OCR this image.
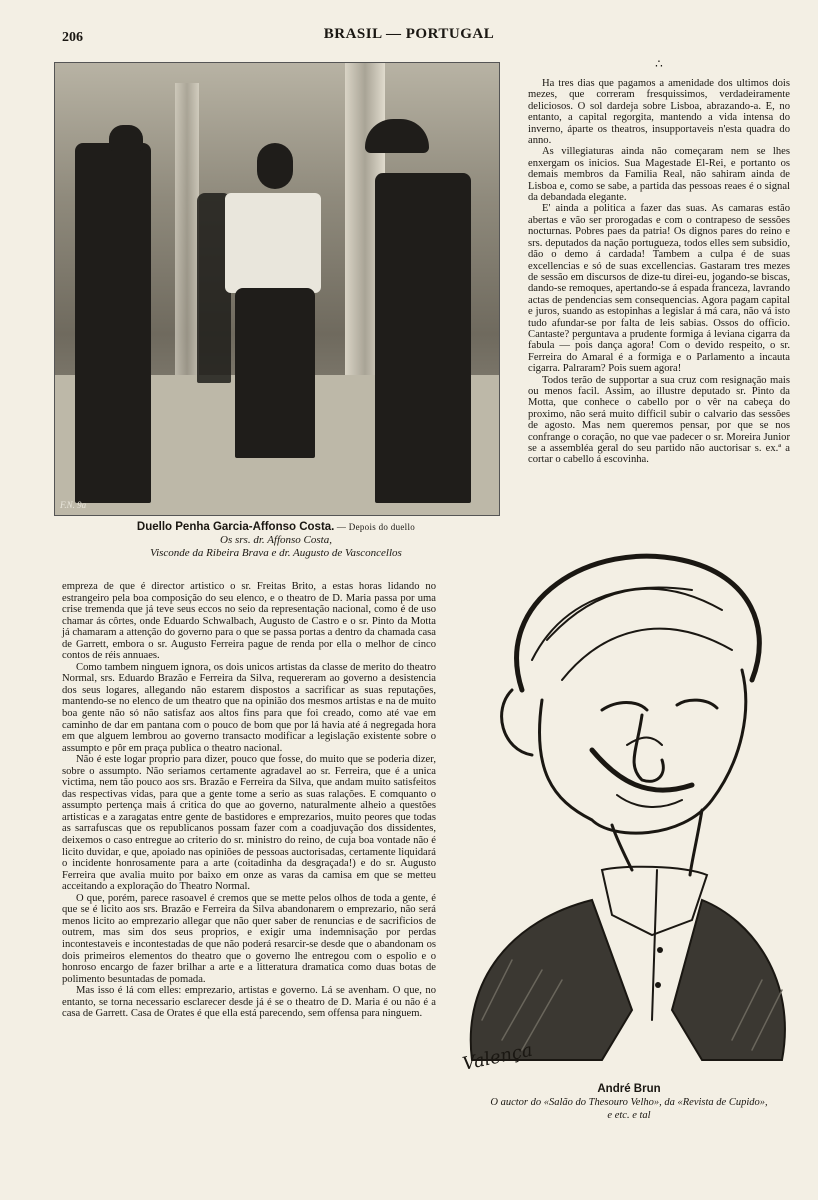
206	BRASIL — PORTUGAL
F.N. 9a
Duello Penha Garcia-Affonso Costa. — Depois do duello
Os srs. dr. Affonso Costa,
Visconde da Ribeira Brava e dr. Augusto de Vasconcellos

∴

Ha tres dias que pagamos a amenidade dos ultimos dois mezes, que correram fresquissimos, verdadeiramente deliciosos. O sol dardeja sobre Lisboa, abrazando-a. E, no entanto, a capital regorgita, mantendo a vida intensa do inverno, áparte os theatros, insupportaveis n'esta quadra do anno.

As villegiaturas ainda não começaram nem se lhes enxergam os inicios. Sua Magestade El-Rei, e portanto os demais membros da Familia Real, não sahiram ainda de Lisboa e, como se sabe, a partida das pessoas reaes é o signal da debandada elegante.

E' ainda a politica a fazer das suas. As camaras estão abertas e vão ser prorogadas e com o contrapeso de sessões nocturnas. Pobres paes da patria! Os dignos pares do reino e srs. deputados da nação portugueza, todos elles sem subsidio, dão o demo á cardada! Tambem a culpa é de suas excellencias e só de suas excellencias. Gastaram tres mezes de sessão em discursos de dize-tu direi-eu, jogando-se biscas, dando-se remoques, apertando-se á espada franceza, lavrando actas de pendencias sem consequencias. Agora pagam capital e juros, suando as estopinhas a legislar á má cara, não vá isto tudo afundar-se por falta de leis sabias. Ossos do officio. Cantaste? perguntava a prudente formiga á leviana cigarra da fabula — pois dança agora! Com o devido respeito, o sr. Ferreira do Amaral é a formiga e o Parlamento a incauta cigarra. Palraram? Pois suem agora!

Todos terão de supportar a sua cruz com resignação mais ou menos facil. Assim, ao illustre deputado sr. Pinto da Motta, que conhece o cabello por o vêr na cabeça do proximo, não será muito difficil subir o calvario das sessões de agosto. Mas nem queremos pensar, por que se nos confrange o coração, no que vae padecer o sr. Moreira Junior se a assembléa geral do seu partido não auctorisar s. ex.ª a cortar o cabello á escovinha.

empreza de que é director artistico o sr. Freitas Brito, a estas horas lidando no estrangeiro pela boa composição do seu elenco, e o theatro de D. Maria passa por uma crise tremenda que já teve seus eccos no seio da representação nacional, como é de uso chamar ás côrtes, onde Eduardo Schwalbach, Augusto de Castro e o sr. Pinto da Motta já chamaram a attenção do governo para o que se passa portas a dentro da chamada casa de Garrett, embora o sr. Augusto Ferreira pague de renda por ella o melhor de cinco contos de réis annuaes.

Como tambem ninguem ignora, os dois unicos artistas da classe de merito do theatro Normal, srs. Eduardo Brazão e Ferreira da Silva, requereram ao governo a desistencia dos seus logares, allegando não estarem dispostos a sacrificar as suas reputações, mantendo-se no elenco de um theatro que na opinião dos mesmos artistas e na de muito boa gente não só não satisfaz aos altos fins para que foi creado, como até vae em caminho de dar em pantana com o pouco de bom que por lá havia até á negregada hora em que alguem lembrou ao governo transacto modificar a legislação existente sobre o assumpto e pôr em praça publica o theatro nacional.

Não é este logar proprio para dizer, pouco que fosse, do muito que se poderia dizer, sobre o assumpto. Não seriamos certamente agradavel ao sr. Ferreira, que é a unica victima, nem tão pouco aos srs. Brazão e Ferreira da Silva, que andam muito satisfeitos das respectivas vidas, para que a gente tome a serio as suas ralações. E comquanto o assumpto pertença mais á critica do que ao governo, naturalmente alheio a questões artisticas e a zaragatas entre gente de bastidores e emprezarios, muito peores que todas as sarrafuscas que os republicanos possam fazer com a coadjuvação dos dissidentes, deixemos o caso entregue ao criterio do sr. ministro do reino, de cuja boa vontade não é licito duvidar, e que, apoiado nas opiniões de pessoas auctorisadas, certamente liquidará o incidente honrosamente para a arte (coitadinha da desgraçada!) e do sr. Augusto Ferreira que avalia muito por baixo em onze as varas da camisa em que se metteu acceitando a exploração do Theatro Normal.

O que, porém, parece rasoavel é cremos que se mette pelos olhos de toda a gente, é que se é licito aos srs. Brazão e Ferreira da Silva abandonarem o emprezario, não será menos licito ao emprezario allegar que não quer saber de renuncias e de sacrificios de outrem, mas sim dos seus proprios, e exigir uma indemnisação por perdas incontestaveis e incontestadas de que não poderá resarcir-se desde que o abandonam os dois primeiros elementos do theatro que o governo lhe entregou com o espolio e o honroso encargo de fazer brilhar a arte e a litteratura dramatica como duas botas de polimento besuntadas de pomada.

Mas isso é lá com elles: emprezario, artistas e governo. Lá se avenham. O que, no entanto, se torna necessario esclarecer desde já é se o theatro de D. Maria é ou não é a casa de Garrett. Casa de Orates é que ella está parecendo, sem offensa para ninguem.

Valença
André Brun
O auctor do «Salão do Thesouro Velho», da «Revista de Cupido»,
e etc. e tal
